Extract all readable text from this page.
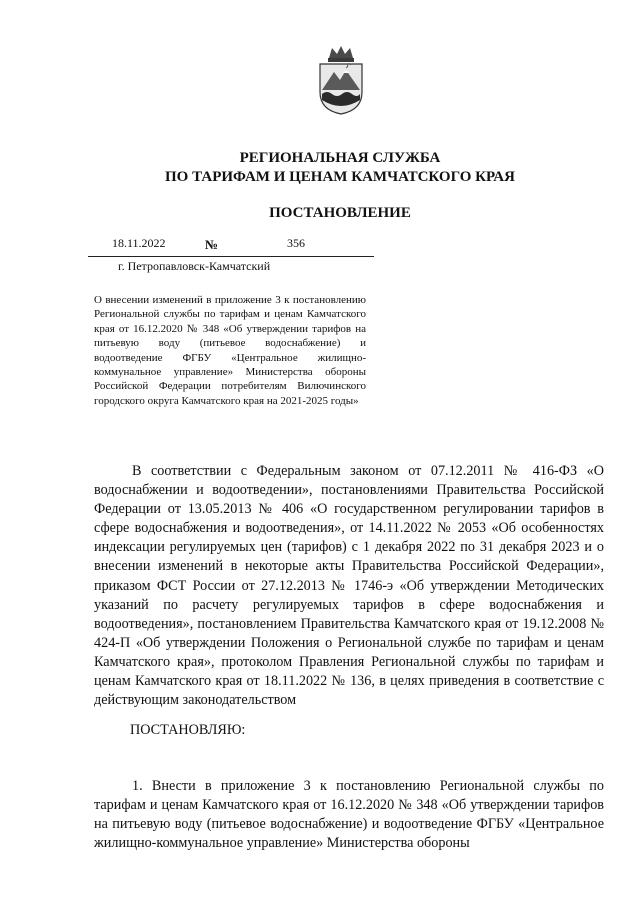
РЕГИОНАЛЬНАЯ СЛУЖБА
ПО ТАРИФАМ И ЦЕНАМ КАМЧАТСКОГО КРАЯ
ПОСТАНОВЛЕНИЕ
18.11.2022	№	356
г. Петропавловск-Камчатский
О внесении изменений в приложение 3 к постановлению Региональной службы по тарифам и ценам Камчатского края от 16.12.2020 № 348 «Об утверждении тарифов на питьевую воду (питьевое водоснабжение) и водоотведение ФГБУ «Центральное жилищно-коммунальное управление» Министерства обороны Российской Федерации потребителям Вилючинского городского округа Камчатского края на 2021-2025 годы»
В соответствии с Федеральным законом от 07.12.2011 № 416-ФЗ «О водоснабжении и водоотведении», постановлениями Правительства Российской Федерации от 13.05.2013 № 406 «О государственном регулировании тарифов в сфере водоснабжения и водоотведения», от 14.11.2022 № 2053 «Об особенностях индексации регулируемых цен (тарифов) с 1 декабря 2022 по 31 декабря 2023 и о внесении изменений в некоторые акты Правительства Российской Федерации», приказом ФСТ России от 27.12.2013 № 1746-э «Об утверждении Методических указаний по расчету регулируемых тарифов в сфере водоснабжения и водоотведения», постановлением Правительства Камчатского края от 19.12.2008 № 424-П «Об утверждении Положения о Региональной службе по тарифам и ценам Камчатского края», протоколом Правления Региональной службы по тарифам и ценам Камчатского края от 18.11.2022 № 136, в целях приведения в соответствие с действующим законодательством
ПОСТАНОВЛЯЮ:
1. Внести в приложение 3 к постановлению Региональной службы по тарифам и ценам Камчатского края от 16.12.2020 № 348 «Об утверждении тарифов на питьевую воду (питьевое водоснабжение) и водоотведение ФГБУ «Центральное жилищно-коммунальное управление» Министерства обороны
